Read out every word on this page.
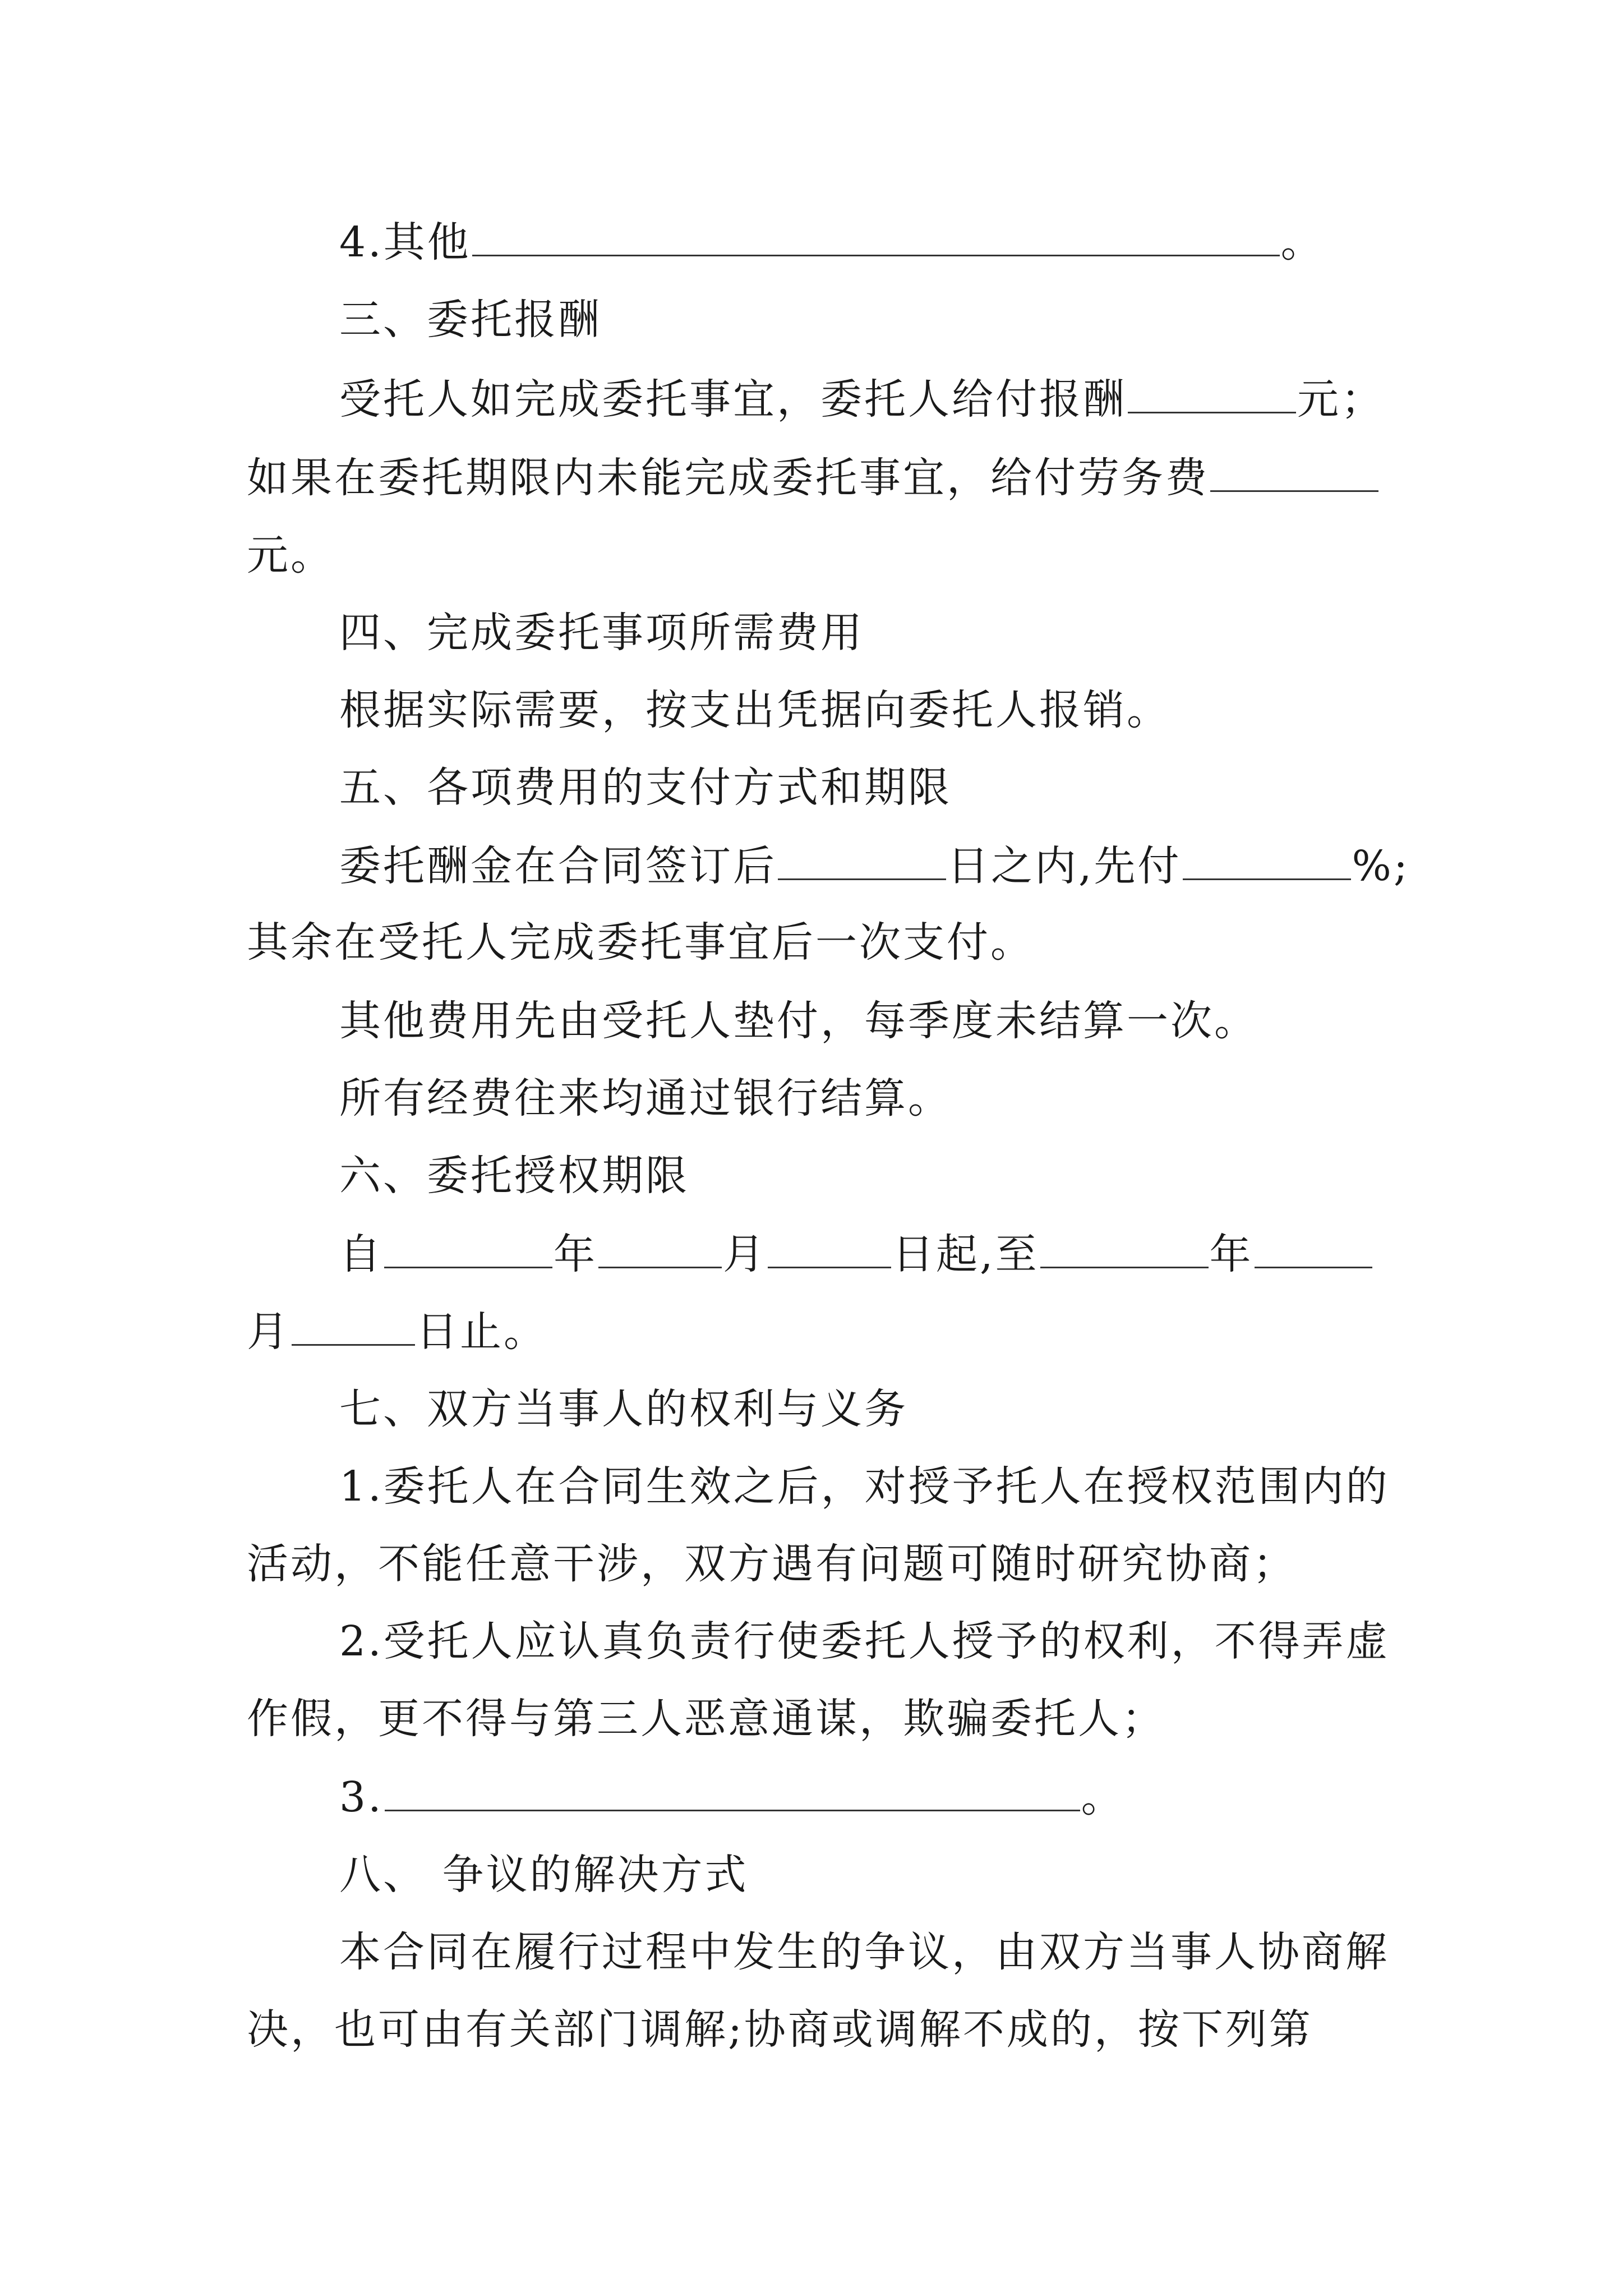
4.其他	。
三、委托报酬
受托人如完成委托事宜，委托人给付报酬	元；
如果在委托期限内未能完成委托事宜，给付劳务费
元。
四、完成委托事项所需费用
根据实际需要，按支出凭据向委托人报销。
五、各项费用的支付方式和期限
委托酬金在合同签订后	日之内,先付	%;
其余在受托人完成委托事宜后一次支付。
其他费用先由受托人垫付，每季度未结算一次。
所有经费往来均通过银行结算。
六、委托授权期限
自	年	月	日起,至	年
月	日止。
七、双方当事人的权利与义务
1.委托人在合同生效之后，对授予托人在授权范围内的
活动，不能任意干涉，双方遇有问题可随时研究协商；
2.受托人应认真负责行使委托人授予的权利，不得弄虚
作假，更不得与第三人恶意通谋，欺骗委托人；
3.	。
八、 争议的解决方式
本合同在履行过程中发生的争议，由双方当事人协商解
决，也可由有关部门调解;协商或调解不成的，按下列第
